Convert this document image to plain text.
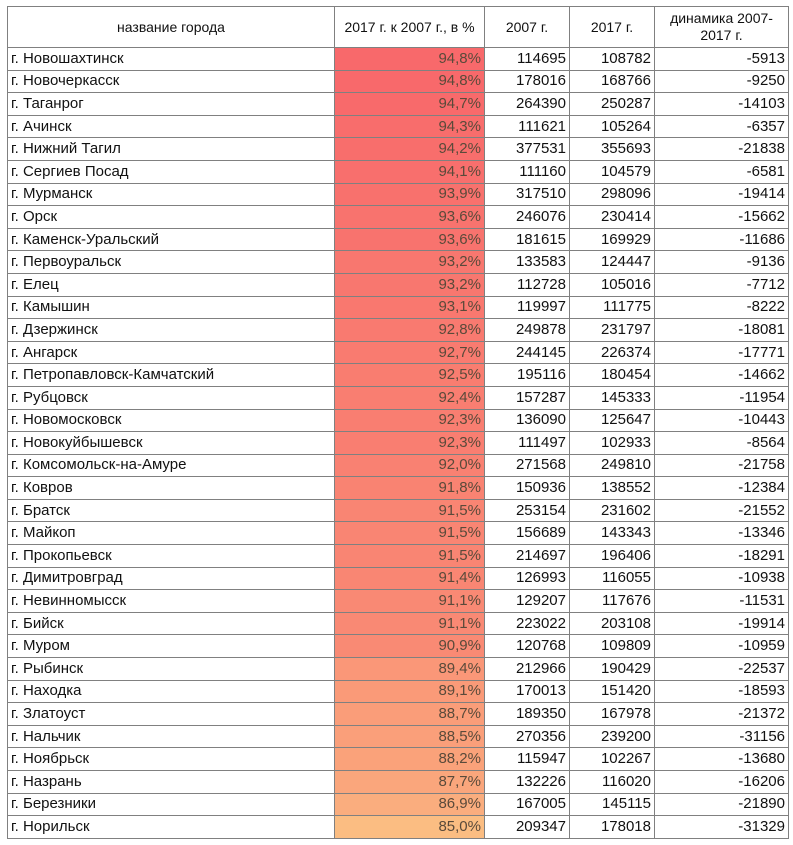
название города	2017 г. к 2007 г., в %	2007 г.	2017 г.	динамика 2007-2017 г.
г. Новошахтинск	94,8%	114695	108782	-5913
г. Новочеркасск	94,8%	178016	168766	-9250
г. Таганрог	94,7%	264390	250287	-14103
г. Ачинск	94,3%	111621	105264	-6357
г. Нижний Тагил	94,2%	377531	355693	-21838
г. Сергиев Посад	94,1%	111160	104579	-6581
г. Мурманск	93,9%	317510	298096	-19414
г. Орск	93,6%	246076	230414	-15662
г. Каменск-Уральский	93,6%	181615	169929	-11686
г. Первоуральск	93,2%	133583	124447	-9136
г. Елец	93,2%	112728	105016	-7712
г. Камышин	93,1%	119997	111775	-8222
г. Дзержинск	92,8%	249878	231797	-18081
г. Ангарск	92,7%	244145	226374	-17771
г. Петропавловск-Камчатский	92,5%	195116	180454	-14662
г. Рубцовск	92,4%	157287	145333	-11954
г. Новомосковск	92,3%	136090	125647	-10443
г. Новокуйбышевск	92,3%	111497	102933	-8564
г. Комсомольск-на-Амуре	92,0%	271568	249810	-21758
г. Ковров	91,8%	150936	138552	-12384
г. Братск	91,5%	253154	231602	-21552
г. Майкоп	91,5%	156689	143343	-13346
г. Прокопьевск	91,5%	214697	196406	-18291
г. Димитровград	91,4%	126993	116055	-10938
г. Невинномысск	91,1%	129207	117676	-11531
г. Бийск	91,1%	223022	203108	-19914
г. Муром	90,9%	120768	109809	-10959
г. Рыбинск	89,4%	212966	190429	-22537
г. Находка	89,1%	170013	151420	-18593
г. Златоуст	88,7%	189350	167978	-21372
г. Нальчик	88,5%	270356	239200	-31156
г. Ноябрьск	88,2%	115947	102267	-13680
г. Назрань	87,7%	132226	116020	-16206
г. Березники	86,9%	167005	145115	-21890
г. Норильск	85,0%	209347	178018	-31329
